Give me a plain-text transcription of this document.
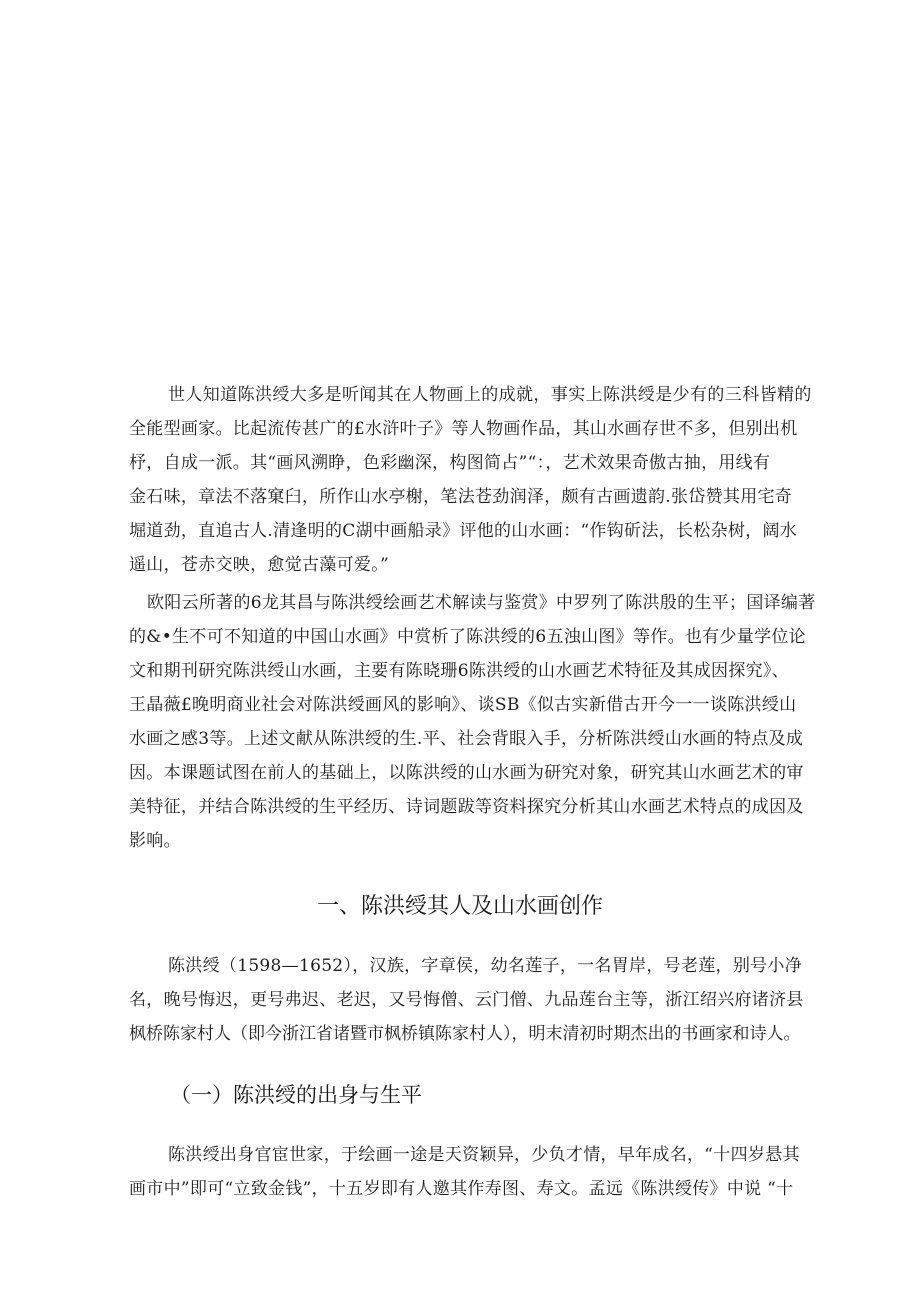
世人知道陈洪绶大多是听闻其在人物画上的成就，事实上陈洪绶是少有的三科皆精的
全能型画家。比起流传甚广的£水浒叶子》等人物画作品，其山水画存世不多，但别出机
杼，自成一派。其“画风溯睁，色彩幽深，构图简占”“：，艺术效果奇傲古抽，用线有
金石味，章法不落窠臼，所作山水亭榭，笔法苍劲润泽，颇有古画遗韵.张岱赞其用宅奇
堀道劲，直追古人.清逢明的C湖中画船录》评他的山水画：“作钩斫法，长松杂树，阔水
遥山，苍赤交映，愈觉古藻可爱。”
欧阳云所著的6龙其昌与陈洪绶绘画艺术解读与鉴赏》中罗列了陈洪殷的生平；国译编著
的&•生不可不知道的中国山水画》中赏析了陈洪绶的6五浊山图》等作。也有少量学位论
文和期刊研究陈洪绶山水画，主要有陈晓珊6陈洪绶的山水画艺术特征及其成因探究》、
王晶薇£晚明商业社会对陈洪绶画风的影响》、谈SB《似古实新借古开今一一谈陈洪绶山
水画之感3等。上述文献从陈洪绶的生.平、社会背眼入手，分析陈洪绶山水画的特点及成
因。本课题试图在前人的基础上，以陈洪绶的山水画为研究对象，研究其山水画艺术的审
美特征，并结合陈洪绶的生平经历、诗词题跋等资料探究分析其山水画艺术特点的成因及
影响。
一、陈洪绶其人及山水画创作
陈洪绶（1598—1652），汉族，字章侯，幼名莲子，一名胃岸，号老莲，别号小净
名，晚号悔迟，更号弗迟、老迟，又号悔僧、云门僧、九品莲台主等，浙江绍兴府诸济县
枫桥陈家村人（即今浙江省诸暨市枫桥镇陈家村人），明末清初时期杰出的书画家和诗人。
（一）陈洪绶的出身与生平
陈洪绶出身官宦世家，于绘画一途是天资颖异，少负才情，早年成名，“十四岁悬其
画市中”即可“立致金钱”，十五岁即有人邀其作寿图、寿文。孟远《陈洪绶传》中说 “十
